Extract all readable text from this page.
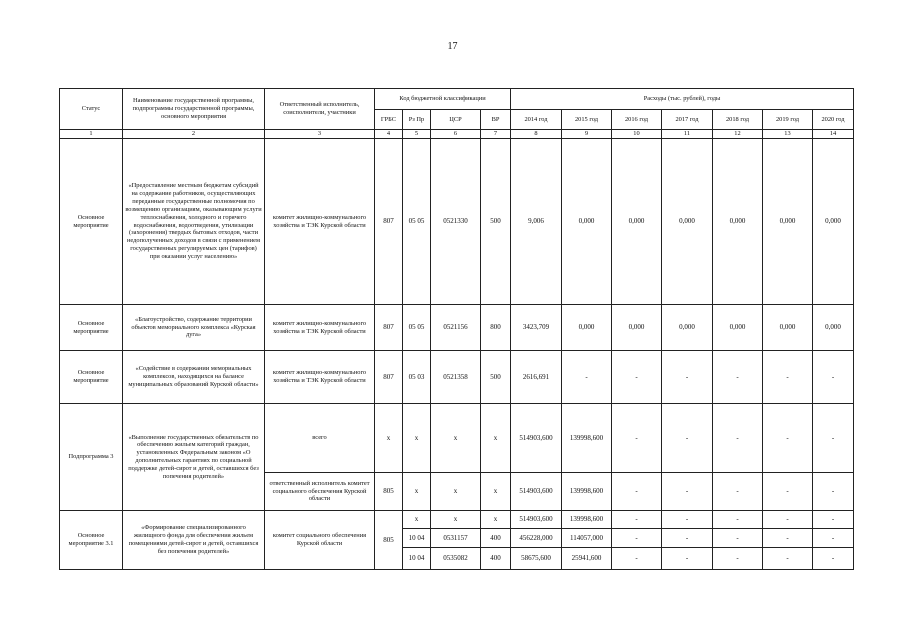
17
Статус	Наименование государственной программы, подпрограммы государственной программы, основного мероприятия	Ответственный исполнитель, соисполнители, участники	Код бюджетной классификации				Расходы (тыс. рублей), годы						
			ГРБС	Рз Пр	ЦСР	ВР	2014 год	2015 год	2016 год	2017 год	2018 год	2019 год	2020 год
1	2	3	4	5	6	7	8	9	10	11	12	13	14
Основное мероприятие	«Предоставление местным бюджетам субсидий на содержание работников, осуществляющих переданные государственные полномочия по возмещению организациям, оказывающим услуги теплоснабжения, холодного и горячего водоснабжения, водоотведения, утилизации (захоронения) твердых бытовых отходов, части недополученных доходов в связи с применением государственных регулируемых цен (тарифов) при оказании услуг населению»	комитет жилищно-коммунального хозяйства и ТЭК Курской области	807	05 05	0521330	500	9,006	0,000	0,000	0,000	0,000	0,000	0,000
Основное мероприятие	«Благоустройство, содержание территории объектов мемориального комплекса «Курская дуга»	комитет жилищно-коммунального хозяйства и ТЭК Курской области	807	05 05	0521156	800	3423,709	0,000	0,000	0,000	0,000	0,000	0,000
Основное мероприятие	«Содействие в содержании мемориальных комплексов, находящихся на балансе муниципальных образований Курской области»	комитет жилищно-коммунального хозяйства и ТЭК Курской области	807	05 03	0521358	500	2616,691	-	-	-	-	-	-
Подпрограмма 3	«Выполнение государственных обязательств по обеспечению жильем категорий граждан, установленных Федеральным законом «О дополнительных гарантиях по социальной поддержке детей-сирот и детей, оставшихся без попечения родителей»	всего	x	x	x	x	514903,600	139998,600	-	-	-	-	-
		ответственный исполнитель комитет социального обеспечения Курской области	805	x	x	x	514903,600	139998,600	-	-	-	-	-
Основное мероприятие 3.1	«Формирование специализированного жилищного фонда для обеспечения жильем помещениями детей-сирот и детей, оставшихся без попечения родителей»	комитет социального обеспечения Курской области	805	x	x	x	514903,600	139998,600	-	-	-	-	-
				10 04	0531157	400	456228,000	114057,000	-	-	-	-	-
				10 04	0535082	400	58675,600	25941,600	-	-	-	-	-
